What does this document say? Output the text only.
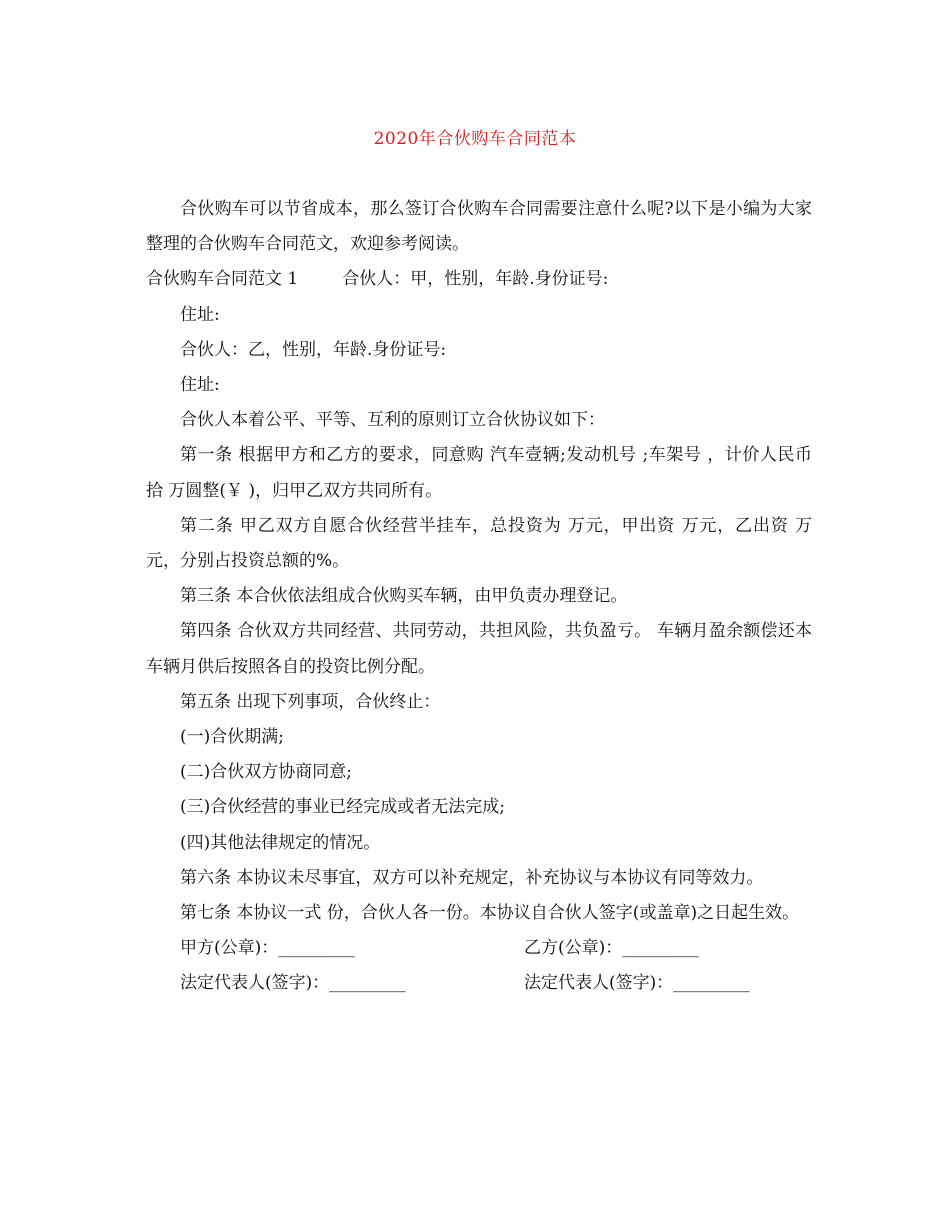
2020年合伙购车合同范本

合伙购车可以节省成本，那么签订合伙购车合同需要注意什么呢?以下是小编为大家整理的合伙购车合同范文，欢迎参考阅读。

合伙购车合同范文 1	合伙人：甲，性别，年龄.身份证号:

住址:

合伙人：乙，性别，年龄.身份证号:

住址:

合伙人本着公平、平等、互利的原则订立合伙协议如下：

第一条 根据甲方和乙方的要求，同意购 汽车壹辆;发动机号 ;车架号 ，计价人民币 拾 万圆整(￥ )，归甲乙双方共同所有。

第二条 甲乙双方自愿合伙经营半挂车，总投资为 万元，甲出资 万元，乙出资 万元，分别占投资总额的%。

第三条 本合伙依法组成合伙购买车辆，由甲负责办理登记。

第四条 合伙双方共同经营、共同劳动，共担风险，共负盈亏。 车辆月盈余额偿还本车辆月供后按照各自的投资比例分配。

第五条 出现下列事项，合伙终止：

(一)合伙期满;

(二)合伙双方协商同意;

(三)合伙经营的事业已经完成或者无法完成;

(四)其他法律规定的情况。

第六条 本协议未尽事宜，双方可以补充规定，补充协议与本协议有同等效力。

第七条 本协议一式 份，合伙人各一份。本协议自合伙人签字(或盖章)之日起生效。

甲方(公章)：_________	乙方(公章)：_________
法定代表人(签字)：_________	法定代表人(签字)：_________
